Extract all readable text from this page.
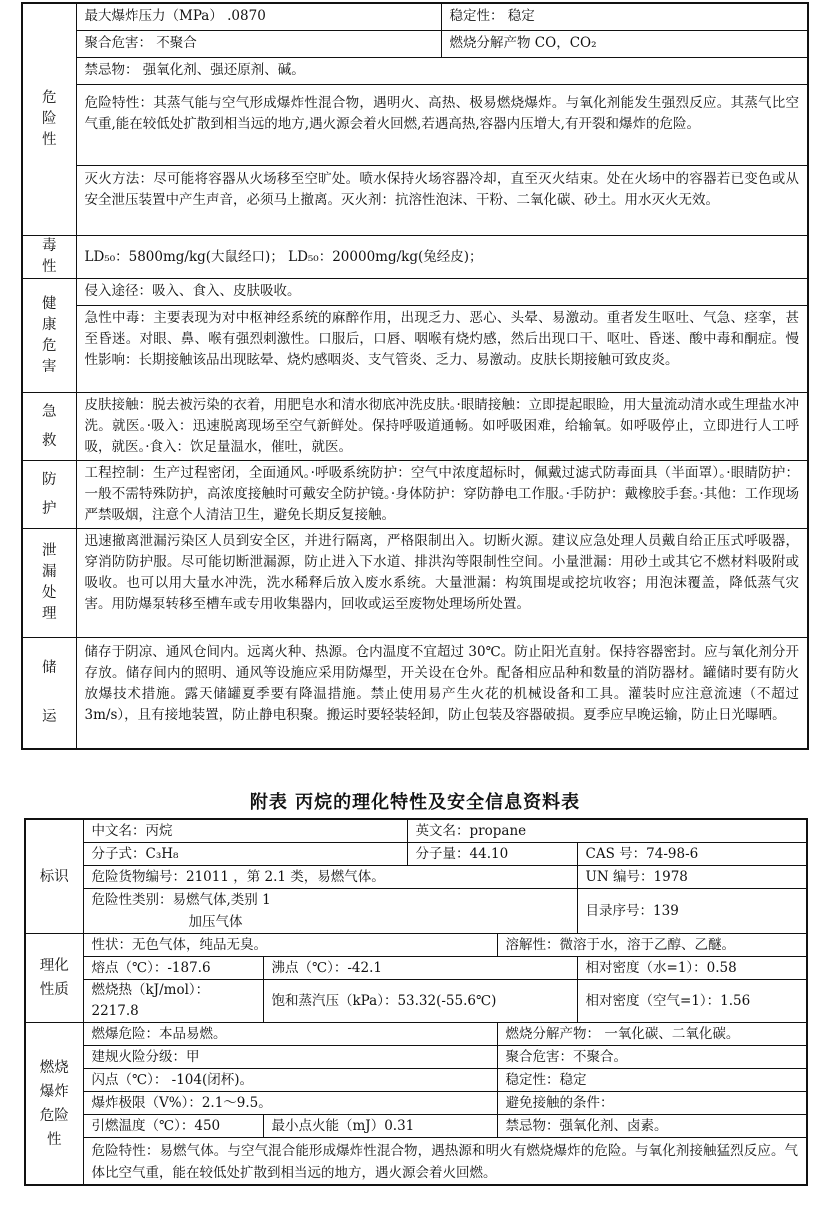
危
险
性	最大爆炸压力（MPa） .0870	稳定性： 稳定
	聚合危害： 不聚合	燃烧分解产物 CO，CO₂
	禁忌物： 强氧化剂、强还原剂、碱。	
	危险特性：其蒸气能与空气形成爆炸性混合物，遇明火、高热、极易燃烧爆炸。与氧化剂能发生强烈反应。其蒸气比空气重,能在较低处扩散到相当远的地方,遇火源会着火回燃,若遇高热,容器内压增大,有开裂和爆炸的危险。	
	灭火方法：尽可能将容器从火场移至空旷处。喷水保持火场容器冷却，直至灭火结束。处在火场中的容器若已变色或从安全泄压装置中产生声音，必须马上撤离。灭火剂：抗溶性泡沫、干粉、二氧化碳、砂土。用水灭火无效。	

毒
性	LD₅₀：5800mg/kg(大鼠经口)； LD₅₀：20000mg/kg(兔经皮)；	

健
康
危
害	侵入途径：吸入、食入、皮肤吸收。	
	急性中毒：主要表现为对中枢神经系统的麻醉作用，出现乏力、恶心、头晕、易激动。重者发生呕吐、气急、痉挛，甚至昏迷。对眼、鼻、喉有强烈刺激性。口服后，口唇、咽喉有烧灼感，然后出现口干、呕吐、昏迷、酸中毒和酮症。慢性影响：长期接触该品出现眩晕、烧灼感咽炎、支气管炎、乏力、易激动。皮肤长期接触可致皮炎。	

急
救	皮肤接触：脱去被污染的衣着，用肥皂水和清水彻底冲洗皮肤。·眼睛接触：立即提起眼睑，用大量流动清水或生理盐水冲洗。就医。·吸入：迅速脱离现场至空气新鲜处。保持呼吸道通畅。如呼吸困难，给输氧。如呼吸停止，立即进行人工呼吸，就医。·食入：饮足量温水，催吐，就医。	

防
护	工程控制：生产过程密闭，全面通风。·呼吸系统防护：空气中浓度超标时，佩戴过滤式防毒面具（半面罩）。·眼睛防护：一般不需特殊防护，高浓度接触时可戴安全防护镜。·身体防护：穿防静电工作服。·手防护：戴橡胶手套。·其他：工作现场严禁吸烟，注意个人清洁卫生，避免长期反复接触。	

泄
漏
处
理	迅速撤离泄漏污染区人员到安全区，并进行隔离，严格限制出入。切断火源。建议应急处理人员戴自给正压式呼吸器，穿消防防护服。尽可能切断泄漏源，防止进入下水道、排洪沟等限制性空间。小量泄漏：用砂土或其它不燃材料吸附或吸收。也可以用大量水冲洗，洗水稀释后放入废水系统。大量泄漏：构筑围堤或挖坑收容；用泡沫覆盖，降低蒸气灾害。用防爆泵转移至槽车或专用收集器内，回收或运至废物处理场所处置。	

储
运	储存于阴凉、通风仓间内。远离火种、热源。仓内温度不宜超过 30℃。防止阳光直射。保持容器密封。应与氧化剂分开存放。储存间内的照明、通风等设施应采用防爆型，开关设在仓外。配备相应品种和数量的消防器材。罐储时要有防火放爆技术措施。露天储罐夏季要有降温措施。禁止使用易产生火花的机械设备和工具。灌装时应注意流速（不超过 3m/s），且有接地装置，防止静电积聚。搬运时要轻装轻卸，防止包装及容器破损。夏季应早晚运输，防止日光曝晒。	
附表 丙烷的理化特性及安全信息资料表
标识	中文名：丙烷		英文名：propane		
	分子式：C₃H₈		分子量：44.10		CAS 号：74-98-6
	危险货物编号：21011 ，第 2.1 类，易燃气体。				UN 编号：1978

	危险性类别：易燃气体,类别 1
加压气体				目录序号：139

理化
性质	性状：无色气体，纯品无臭。			溶解性：微溶于水，溶于乙醇、乙醚。	
	熔点（℃）：-187.6	沸点（℃）：-42.1			相对密度（水=1）：0.58
	燃烧热（kJ/mol）：2217.8	饱和蒸汽压（kPa）：53.32(-55.6℃)			相对密度（空气=1）：1.56

燃烧
爆炸
危险
性	燃爆危险：本品易燃。			燃烧分解产物： 一氧化碳、二氧化碳。	
	建规火险分级：甲			聚合危害：不聚合。	
	闪点（℃）： -104(闭杯)。			稳定性：稳定	
	爆炸极限（V%）：2.1～9.5。			避免接触的条件：	
	引燃温度（℃）：450	最小点火能（mJ）0.31		禁忌物：强氧化剂、卤素。	
	危险特性：易燃气体。与空气混合能形成爆炸性混合物，遇热源和明火有燃烧爆炸的危险。与氧化剂接触猛烈反应。气体比空气重，能在较低处扩散到相当远的地方，遇火源会着火回燃。				
